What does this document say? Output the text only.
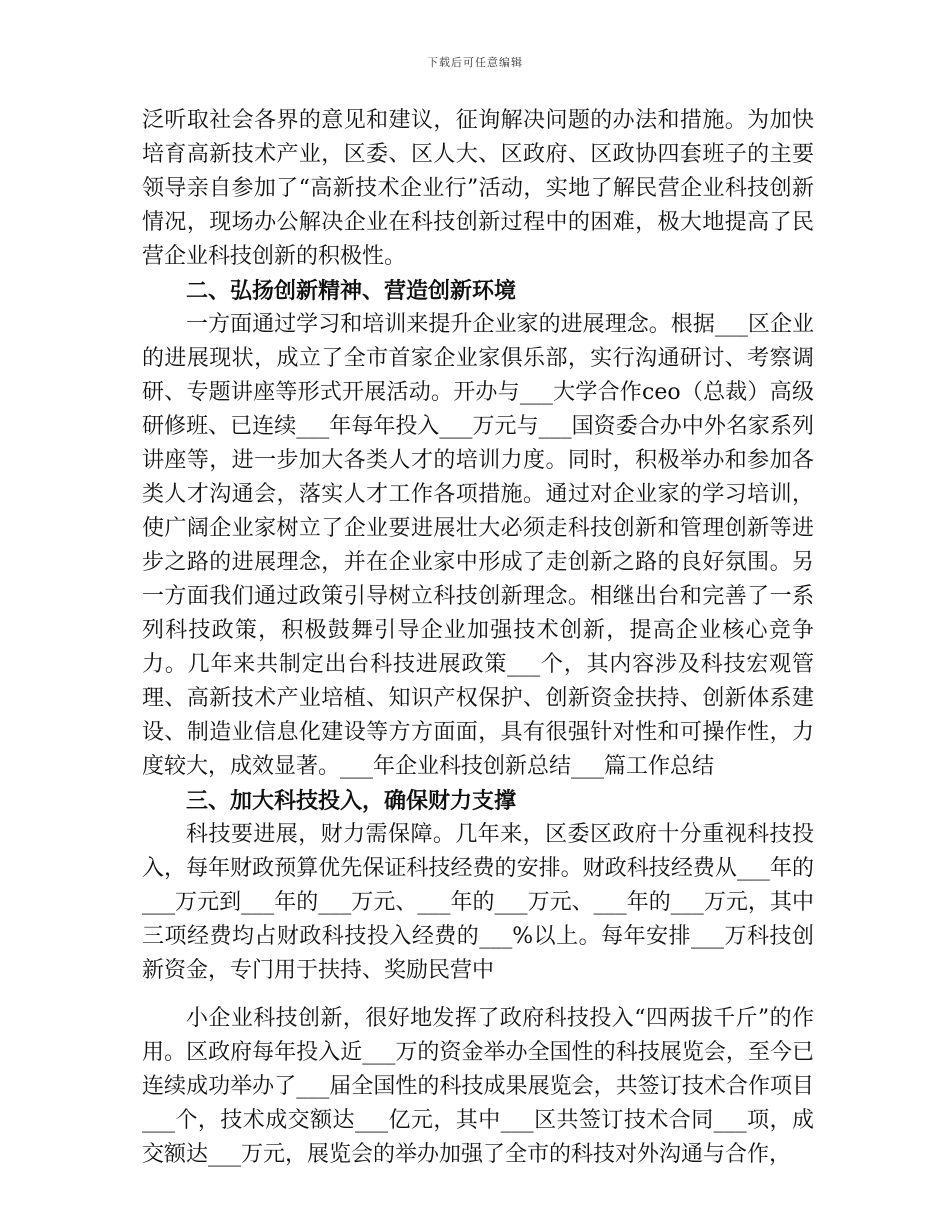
下载后可任意编辑

泛听取社会各界的意见和建议，征询解决问题的办法和措施。为加快培育高新技术产业，区委、区人大、区政府、区政协四套班子的主要领导亲自参加了“高新技术企业行”活动，实地了解民营企业科技创新情况，现场办公解决企业在科技创新过程中的困难，极大地提高了民营企业科技创新的积极性。

二、弘扬创新精神、营造创新环境

一方面通过学习和培训来提升企业家的进展理念。根据___区企业的进展现状，成立了全市首家企业家俱乐部，实行沟通研讨、考察调研、专题讲座等形式开展活动。开办与___大学合作ceo（总裁）高级研修班、已连续___年每年投入___万元与___国资委合办中外名家系列讲座等，进一步加大各类人才的培训力度。同时，积极举办和参加各类人才沟通会，落实人才工作各项措施。通过对企业家的学习培训，使广阔企业家树立了企业要进展壮大必须走科技创新和管理创新等进步之路的进展理念，并在企业家中形成了走创新之路的良好氛围。另一方面我们通过政策引导树立科技创新理念。相继出台和完善了一系列科技政策，积极鼓舞引导企业加强技术创新，提高企业核心竞争力。几年来共制定出台科技进展政策___个，其内容涉及科技宏观管理、高新技术产业培植、知识产权保护、创新资金扶持、创新体系建设、制造业信息化建设等方方面面，具有很强针对性和可操作性，力度较大，成效显著。___年企业科技创新总结___篇工作总结

三、加大科技投入，确保财力支撑

科技要进展，财力需保障。几年来，区委区政府十分重视科技投入，每年财政预算优先保证科技经费的安排。财政科技经费从___年的___万元到___年的___万元、___年的___万元、___年的___万元，其中三项经费均占财政科技投入经费的___%以上。每年安排___万科技创新资金，专门用于扶持、奖励民营中

小企业科技创新，很好地发挥了政府科技投入“四两拔千斤”的作用。区政府每年投入近___万的资金举办全国性的科技展览会，至今已连续成功举办了___届全国性的科技成果展览会，共签订技术合作项目___个，技术成交额达___亿元，其中___区共签订技术合同___项，成交额达___万元，展览会的举办加强了全市的科技对外沟通与合作，
